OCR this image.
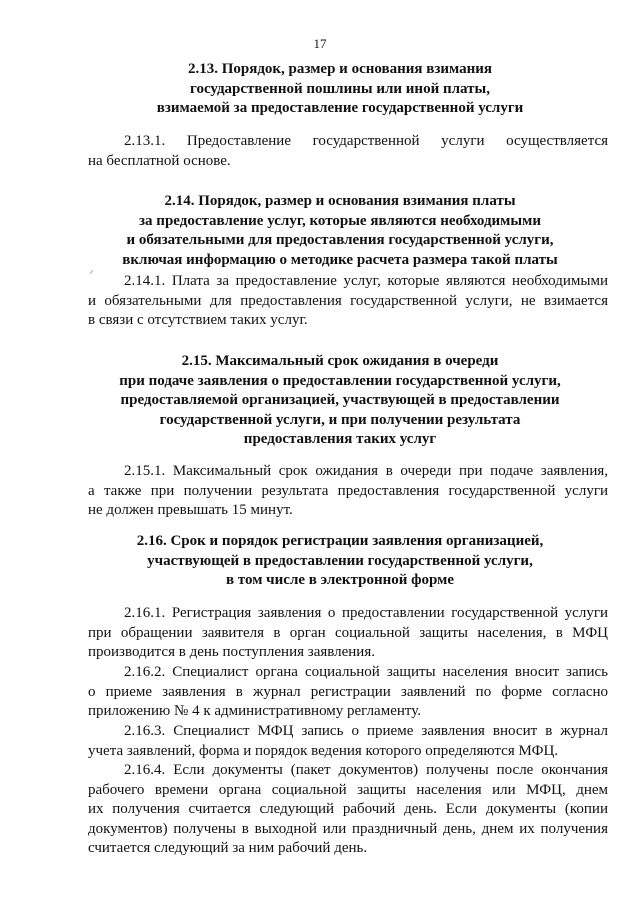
17
2.13. Порядок, размер и основания взимания
государственной пошлины или иной платы,
взимаемой за предоставление государственной услуги
2.13.1. Предоставление государственной услуги осуществляется
на бесплатной основе.
2.14. Порядок, размер и основания взимания платы
за предоставление услуг, которые являются необходимыми
и обязательными для предоставления государственной услуги,
включая информацию о методике расчета размера такой платы
⸝
2.14.1. Плата за предоставление услуг, которые являются необходимыми
и обязательными для предоставления государственной услуги, не взимается
в связи с отсутствием таких услуг.
2.15. Максимальный срок ожидания в очереди
при подаче заявления о предоставлении государственной услуги,
предоставляемой организацией, участвующей в предоставлении
государственной услуги, и при получении результата
предоставления таких услуг
2.15.1. Максимальный срок ожидания в очереди при подаче заявления,
а также при получении результата предоставления государственной услуги
не должен превышать 15 минут.
2.16. Срок и порядок регистрации заявления организацией,
участвующей в предоставлении государственной услуги,
в том числе в электронной форме
2.16.1. Регистрация заявления о предоставлении государственной услуги
при обращении заявителя в орган социальной защиты населения, в МФЦ
производится в день поступления заявления.
2.16.2. Специалист органа социальной защиты населения вносит запись
о приеме заявления в журнал регистрации заявлений по форме согласно
приложению № 4 к административному регламенту.
2.16.3. Специалист МФЦ запись о приеме заявления вносит в журнал
учета заявлений, форма и порядок ведения которого определяются МФЦ.
2.16.4. Если документы (пакет документов) получены после окончания
рабочего времени органа социальной защиты населения или МФЦ, днем
их получения считается следующий рабочий день. Если документы (копии
документов) получены в выходной или праздничный день, днем их получения
считается следующий за ним рабочий день.
